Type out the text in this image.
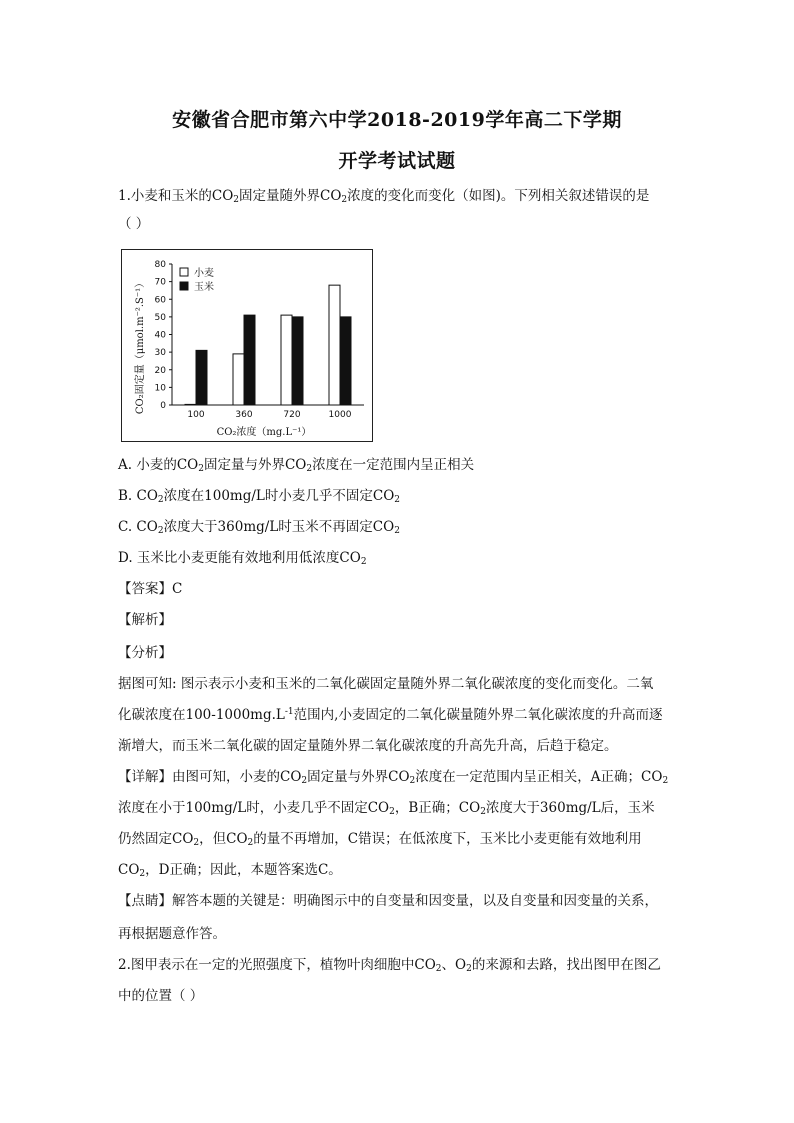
安徽省合肥市第六中学2018-2019学年高二下学期
开学考试试题
1.小麦和玉米的$CO_2$固定量随外界$CO_2$浓度的变化而变化（如图)。下列相关叙述错误的是
（ ）
CO₂固定量（μmol.m⁻².S⁻¹） 0
10
20
30
40
50
60
70
80
100	360	720	1000
小麦
玉米
CO₂浓度（mg.L⁻¹）
A. 小麦的$CO_2$固定量与外界$CO_2$浓度在一定范围内呈正相关
B. $CO_2$浓度在100mg/L时小麦几乎不固定$CO_2$
C. $CO_2$浓度大于360mg/L时玉米不再固定$CO_2$
D. 玉米比小麦更能有效地利用低浓度$CO_2$
【答案】C
【解析】
【分析】
据图可知: 图示表示小麦和玉米的二氧化碳固定量随外界二氧化碳浓度的变化而变化。二氧
化碳浓度在$100-1000mg.L^{-1}$范围内,小麦固定的二氧化碳量随外界二氧化碳浓度的升高而逐
渐增大，而玉米二氧化碳的固定量随外界二氧化碳浓度的升高先升高，后趋于稳定。
【详解】由图可知，小麦的$CO_2$固定量与外界$CO_2$浓度在一定范围内呈正相关，A正确；$CO_2$
浓度在小于100mg/L时，小麦几乎不固定$CO_2$，B正确；$CO_2$浓度大于360mg/L后，玉米
仍然固定$CO_2$，但$CO_2$的量不再增加，C错误；在低浓度下，玉米比小麦更能有效地利用
$CO_2$，D正确；因此，本题答案选C。
【点睛】解答本题的关键是：明确图示中的自变量和因变量，以及自变量和因变量的关系，
再根据题意作答。
2.图甲表示在一定的光照强度下，植物叶肉细胞中$CO_2$、$O_2$的来源和去路，找出图甲在图乙
中的位置（ ）
